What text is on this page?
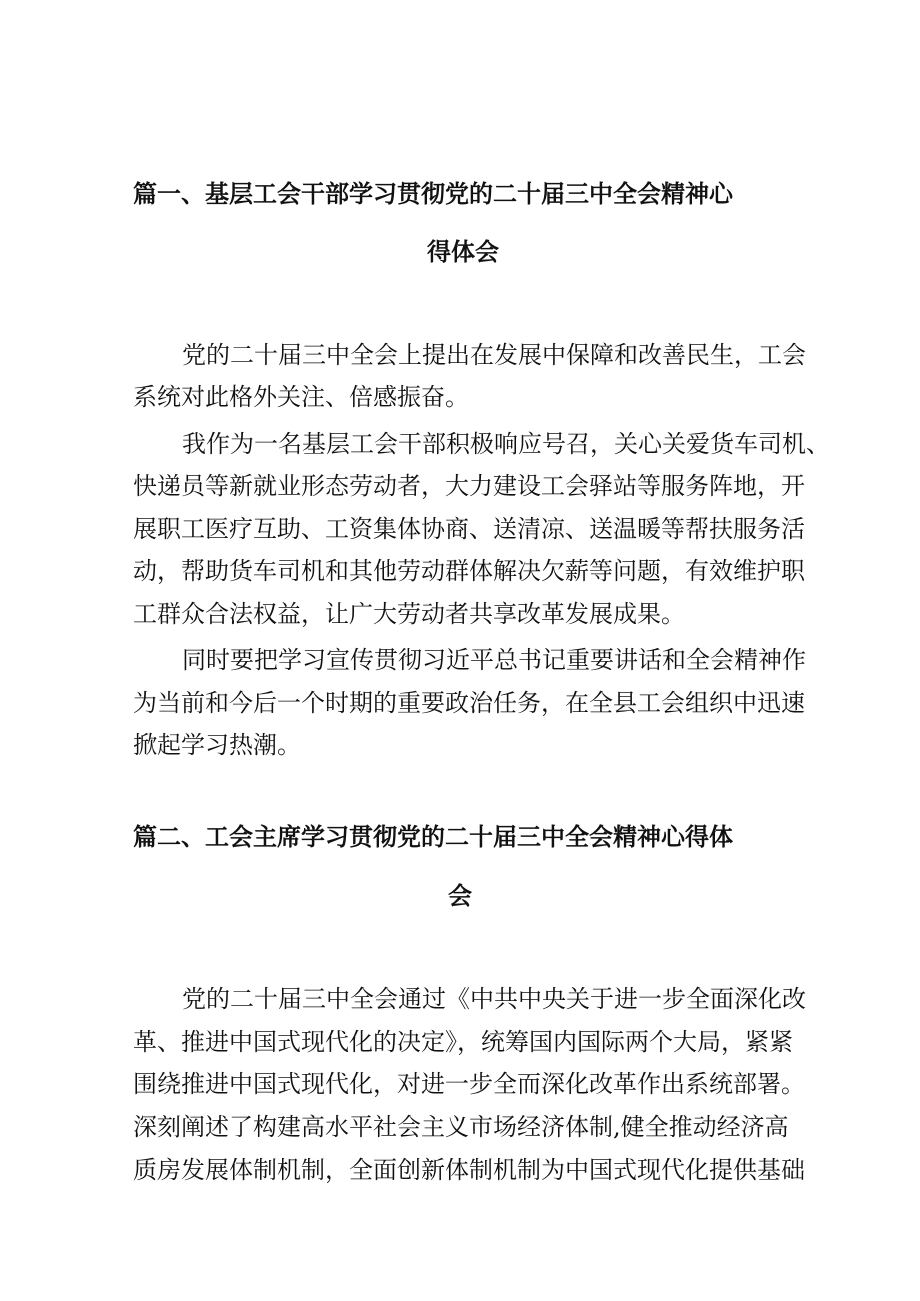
篇一、基层工会干部学习贯彻党的二十届三中全会精神心
得体会
党的二十届三中全会上提出在发展中保障和改善民生，工会
系统对此格外关注、倍感振奋。
我作为一名基层工会干部积极响应号召，关心关爱货车司机、
快递员等新就业形态劳动者，大力建设工会驿站等服务阵地，开
展职工医疗互助、工资集体协商、送清凉、送温暖等帮扶服务活
动，帮助货车司机和其他劳动群体解决欠薪等问题，有效维护职
工群众合法权益，让广大劳动者共享改革发展成果。
同时要把学习宣传贯彻习近平总书记重要讲话和全会精神作
为当前和今后一个时期的重要政治任务，在全县工会组织中迅速
掀起学习热潮。
篇二、工会主席学习贯彻党的二十届三中全会精神心得体
会
党的二十届三中全会通过《中共中央关于进一步全面深化改
革、推进中国式现代化的决定》，统筹国内国际两个大局，紧紧
围绕推进中国式现代化，对进一步全而深化改革作出系统部署。
深刻阐述了构建高水平社会主义市场经济体制,健全推动经济高
质房发展体制机制，全面创新体制机制为中国式现代化提供基础
